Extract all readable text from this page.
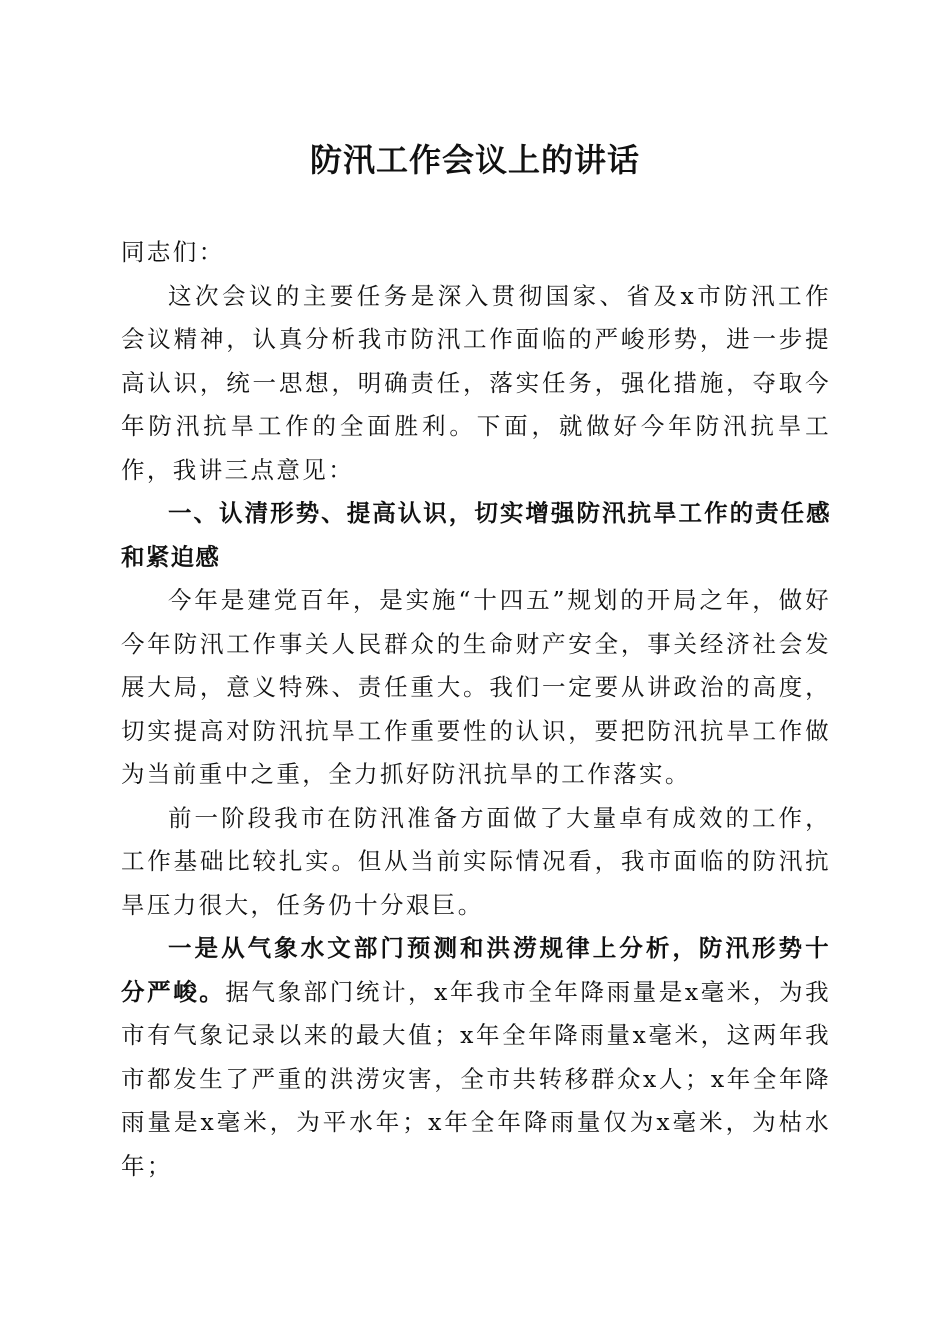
防汛工作会议上的讲话

同志们：

这次会议的主要任务是深入贯彻国家、省及x市防汛工作会议精神，认真分析我市防汛工作面临的严峻形势，进一步提高认识，统一思想，明确责任，落实任务，强化措施，夺取今年防汛抗旱工作的全面胜利。下面，就做好今年防汛抗旱工作，我讲三点意见：

一、认清形势、提高认识，切实增强防汛抗旱工作的责任感和紧迫感

今年是建党百年，是实施“十四五”规划的开局之年，做好今年防汛工作事关人民群众的生命财产安全，事关经济社会发展大局，意义特殊、责任重大。我们一定要从讲政治的高度，切实提高对防汛抗旱工作重要性的认识，要把防汛抗旱工作做为当前重中之重，全力抓好防汛抗旱的工作落实。

前一阶段我市在防汛准备方面做了大量卓有成效的工作，工作基础比较扎实。但从当前实际情况看，我市面临的防汛抗旱压力很大，任务仍十分艰巨。

一是从气象水文部门预测和洪涝规律上分析，防汛形势十分严峻。据气象部门统计，x年我市全年降雨量是x毫米，为我市有气象记录以来的最大值；x年全年降雨量x毫米，这两年我市都发生了严重的洪涝灾害，全市共转移群众x人；x年全年降雨量是x毫米，为平水年；x年全年降雨量仅为x毫米，为枯水年；
